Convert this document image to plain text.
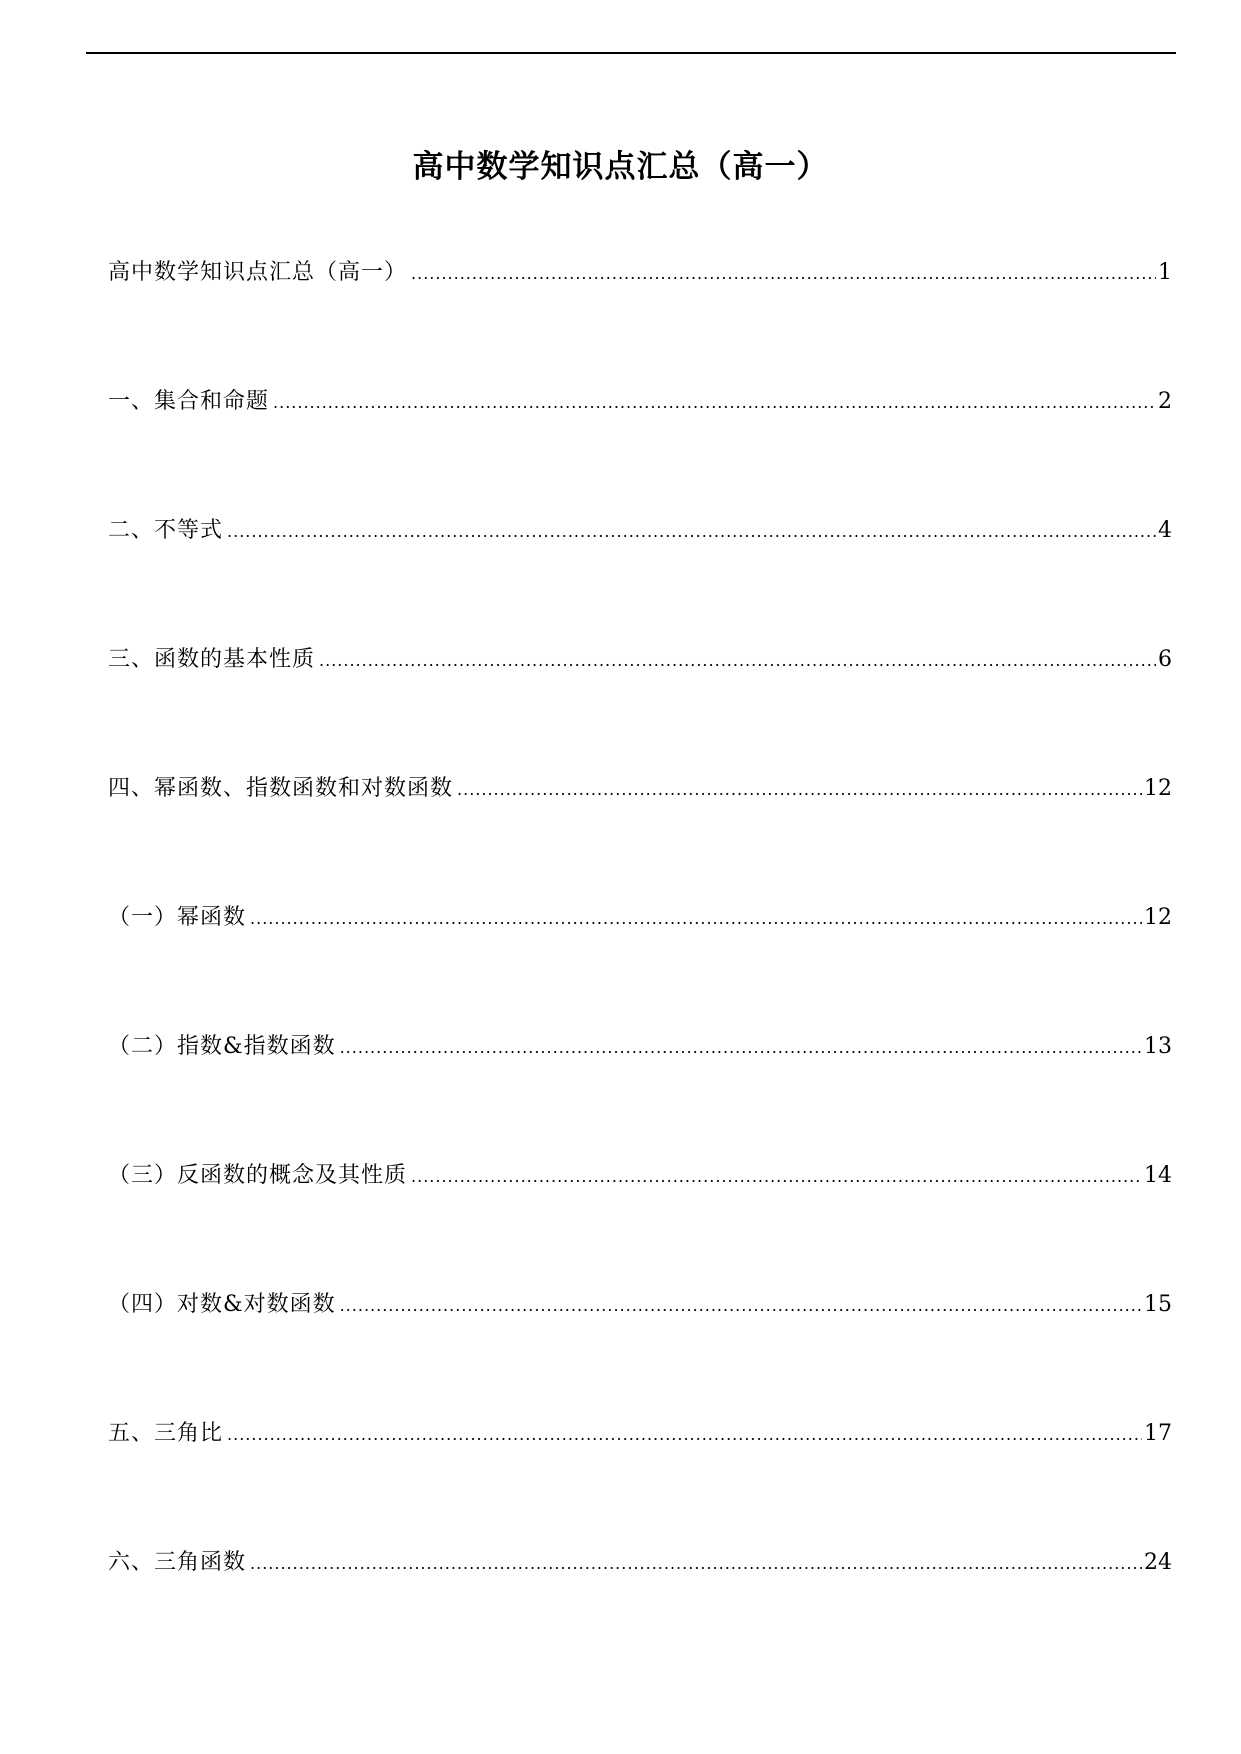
高中数学知识点汇总（高一）
高中数学知识点汇总（高一） .....	1
一、集合和命题 .....	2
二、不等式 .....	4
三、函数的基本性质 .....	6
四、幂函数、指数函数和对数函数 .....	12
（一）幂函数 .....	12
（二）指数&指数函数 .....	13
（三）反函数的概念及其性质 .....	14
（四）对数&对数函数 .....	15
五、三角比 .....	17
六、三角函数 .....	24
